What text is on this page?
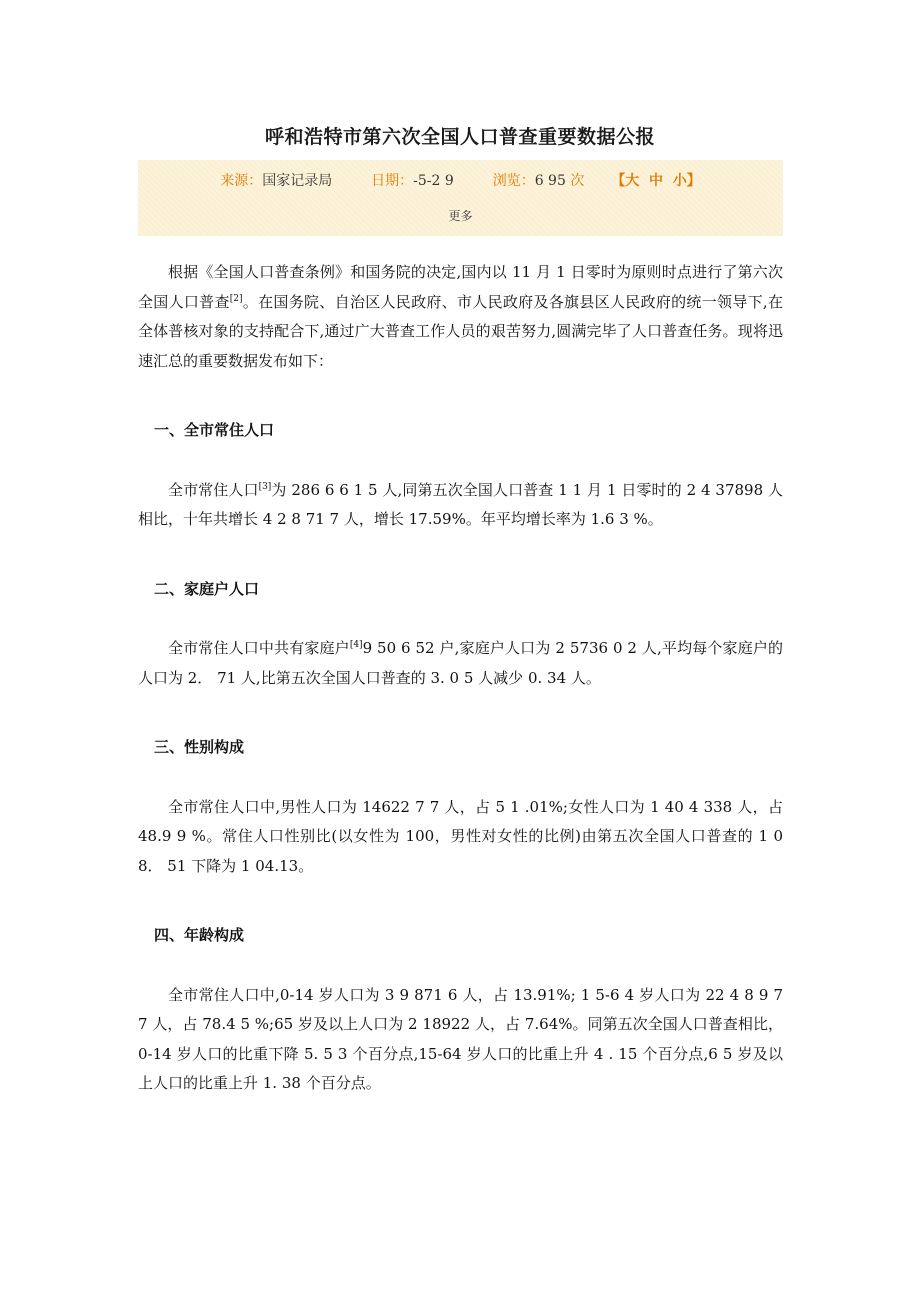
呼和浩特市第六次全国人口普查重要数据公报
来源：国家记录局	日期：-5-2 9	浏览：6 95 次 【大 中 小】
更多

根据《全国人口普查条例》和国务院的决定,国内以 11 月 1 日零时为原则时点进行了第六次全国人口普查[2]。在国务院、自治区人民政府、市人民政府及各旗县区人民政府的统一领导下,在全体普核对象的支持配合下,通过广大普查工作人员的艰苦努力,圆满完毕了人口普查任务。现将迅速汇总的重要数据发布如下：

一、全市常住人口

全市常住人口[3]为 286 6 6 1 5 人,同第五次全国人口普查 1 1 月 1 日零时的 2 4 37898 人相比，十年共增长 4 2 8 71 7 人，增长 17.59%。年平均增长率为 1.6 3 %。

二、家庭户人口

全市常住人口中共有家庭户[4]9 50 6 52 户,家庭户人口为 2 5736 0 2 人,平均每个家庭户的人口为 2． 71 人,比第五次全国人口普查的 3. 0 5 人减少 0. 34 人。

三、性别构成

全市常住人口中,男性人口为 14622 7 7 人，占 5 1 .01%;女性人口为 1 40 4 338 人，占 48.9 9 %。常住人口性别比(以女性为 100，男性对女性的比例)由第五次全国人口普查的 1 0 8． 51 下降为 1 04.13。

四、年龄构成

全市常住人口中,0-14 岁人口为 3 9 871 6 人，占 13.91%; 1 5-6 4 岁人口为 22 4 8 9 7 7 人，占 78.4 5 %;65 岁及以上人口为 2 18922 人，占 7.64%。同第五次全国人口普查相比，0-14 岁人口的比重下降 5. 5 3 个百分点,15-64 岁人口的比重上升 4 . 15 个百分点,6 5 岁及以上人口的比重上升 1. 38 个百分点。
